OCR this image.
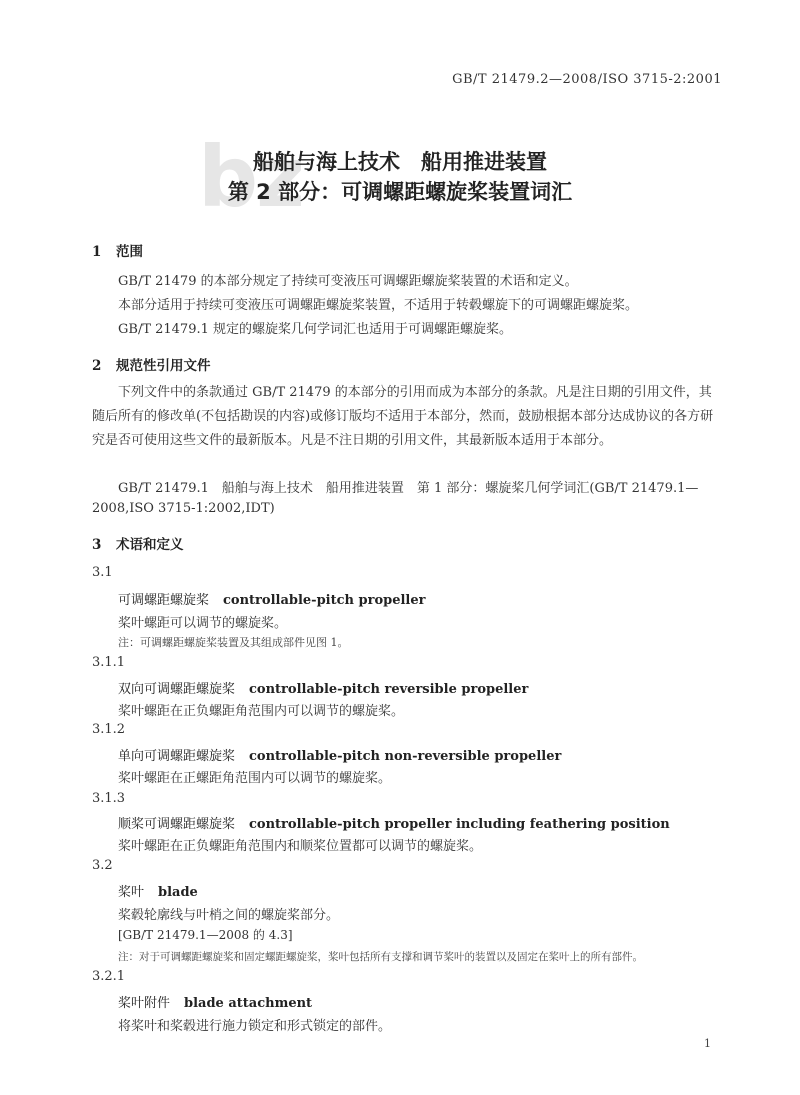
GB/T 21479.2—2008/ISO 3715-2:2001
bz
船舶与海上技术　船用推进装置
第 2 部分：可调螺距螺旋桨装置词汇
1 范围
GB/T 21479 的本部分规定了持续可变液压可调螺距螺旋桨装置的术语和定义。
本部分适用于持续可变液压可调螺距螺旋桨装置，不适用于转毂螺旋下的可调螺距螺旋桨。
GB/T 21479.1 规定的螺旋桨几何学词汇也适用于可调螺距螺旋桨。
2 规范性引用文件
下列文件中的条款通过 GB/T 21479 的本部分的引用而成为本部分的条款。凡是注日期的引用文件，其随后所有的修改单(不包括勘误的内容)或修订版均不适用于本部分，然而，鼓励根据本部分达成协议的各方研究是否可使用这些文件的最新版本。凡是不注日期的引用文件，其最新版本适用于本部分。
GB/T 21479.1　船舶与海上技术　船用推进装置　第 1 部分：螺旋桨几何学词汇(GB/T 21479.1—
2008,ISO 3715-1:2002,IDT)
3 术语和定义
3.1
可调螺距螺旋桨 controllable-pitch propeller
桨叶螺距可以调节的螺旋桨。
注：可调螺距螺旋桨装置及其组成部件见图 1。
3.1.1
双向可调螺距螺旋桨 controllable-pitch reversible propeller
桨叶螺距在正负螺距角范围内可以调节的螺旋桨。
3.1.2
单向可调螺距螺旋桨 controllable-pitch non-reversible propeller
桨叶螺距在正螺距角范围内可以调节的螺旋桨。
3.1.3
顺桨可调螺距螺旋桨 controllable-pitch propeller including feathering position
桨叶螺距在正负螺距角范围内和顺桨位置都可以调节的螺旋桨。
3.2
桨叶 blade
桨毂轮廓线与叶梢之间的螺旋桨部分。
[GB/T 21479.1—2008 的 4.3]
注：对于可调螺距螺旋桨和固定螺距螺旋桨，桨叶包括所有支撑和调节桨叶的装置以及固定在桨叶上的所有部件。
3.2.1
桨叶附件 blade attachment
将桨叶和桨毂进行施力锁定和形式锁定的部件。
1
